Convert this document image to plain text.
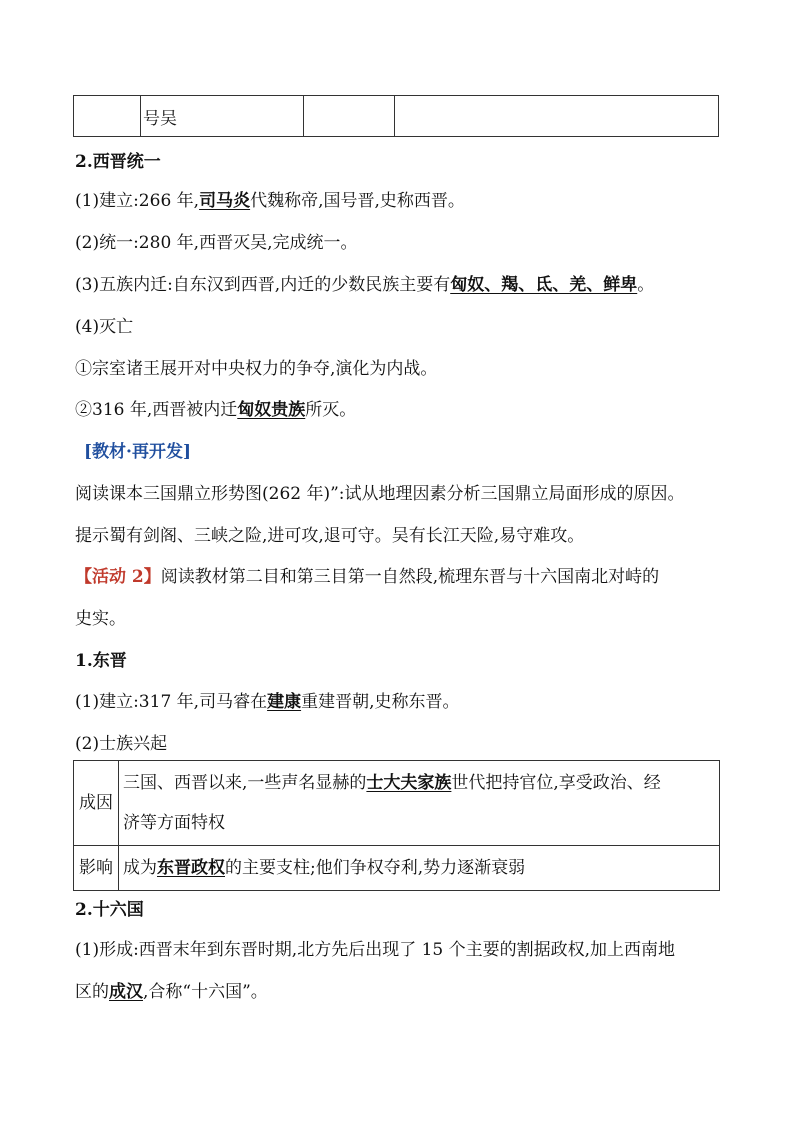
	号吴		
2.西晋统一
(1)建立:266 年,司马炎代魏称帝,国号晋,史称西晋。
(2)统一:280 年,西晋灭吴,完成统一。
(3)五族内迁:自东汉到西晋,内迁的少数民族主要有匈奴、羯、氐、羌、鲜卑。
(4)灭亡
①宗室诸王展开对中央权力的争夺,演化为内战。
②316 年,西晋被内迁匈奴贵族所灭。
[教材·再开发]
阅读课本三国鼎立形势图(262 年)”:试从地理因素分析三国鼎立局面形成的原因。
提示蜀有剑阁、三峡之险,进可攻,退可守。吴有长江天险,易守难攻。
【活动 2】阅读教材第二目和第三目第一自然段,梳理东晋与十六国南北对峙的
史实。
1.东晋
(1)建立:317 年,司马睿在建康重建晋朝,史称东晋。
(2)士族兴起
成因	三国、西晋以来,一些声名显赫的士大夫家族世代把持官位,享受政治、经
济等方面特权
影响	成为东晋政权的主要支柱;他们争权夺利,势力逐渐衰弱
2.十六国
(1)形成:西晋末年到东晋时期,北方先后出现了 15 个主要的割据政权,加上西南地
区的成汉,合称“十六国”。
